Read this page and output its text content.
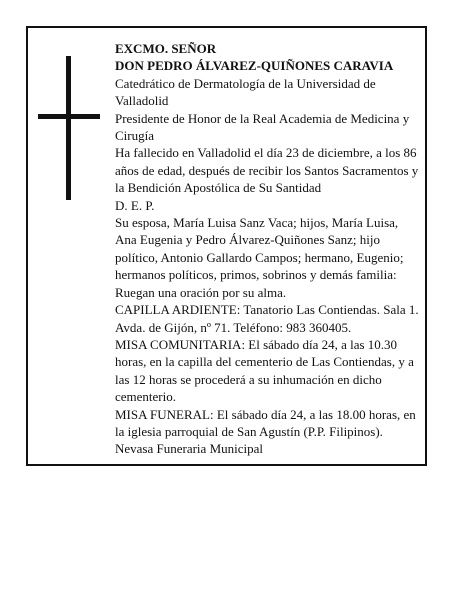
EXCMO. SEÑOR

DON PEDRO ÁLVAREZ-QUIÑONES CARAVIA

Catedrático de Dermatología de la Universidad de Valladolid

Presidente de Honor de la Real Academia de Medicina y Cirugía

Ha fallecido en Valladolid el día 23 de diciembre, a los 86 años de edad, después de recibir los Santos Sacramentos y la Bendición Apostólica de Su Santidad

D. E. P.

Su esposa, María Luisa Sanz Vaca; hijos, María Luisa, Ana Eugenia y Pedro Álvarez-Quiñones Sanz; hijo político, Antonio Gallardo Campos; hermano, Eugenio; hermanos políticos, primos, sobrinos y demás familia:

Ruegan una oración por su alma.

CAPILLA ARDIENTE: Tanatorio Las Contiendas. Sala 1. Avda. de Gijón, nº 71. Teléfono: 983 360405.

MISA COMUNITARIA: El sábado día 24, a las 10.30 horas, en la capilla del cementerio de Las Contiendas, y a las 12 horas se procederá a su inhumación en dicho cementerio.

MISA FUNERAL: El sábado día 24, a las 18.00 horas, en la iglesia parroquial de San Agustín (P.P. Filipinos).

Nevasa Funeraria Municipal
